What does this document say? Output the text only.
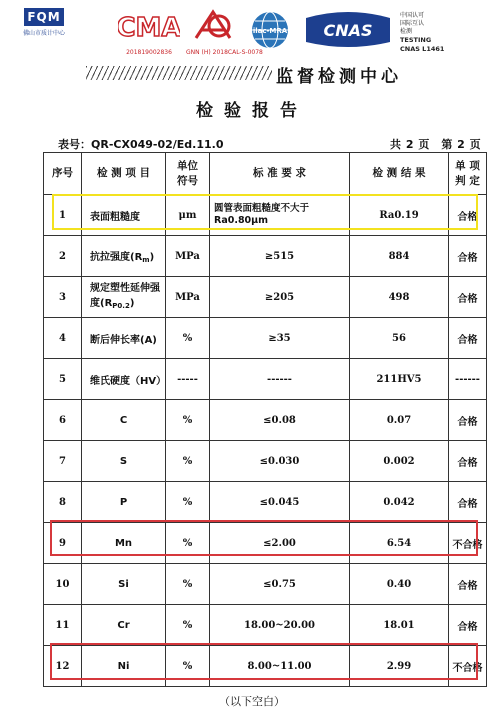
FQM
佛山市质计中心	CMA
201819002836	GNN (H) 2018CAL-S-0078
ilac-MRA CNAS
中国认可
国际互认
检测
TESTING
CNAS L1461
监督检测中心
检验报告
表号：QR-CX049-02/Ed.11.0	共 2 页　第 2 页
序号	检 测 项 目	单位
符号	标 准 要 求	检 测 结 果	单 项
判 定
1	表面粗糙度	μm	圆管表面粗糙度不大于
Ra0.80μm	Ra0.19	合格
2	抗拉强度$(R_m)$	MPa	≥515	884	合格
3	规定塑性延伸强
度$(R_{P0.2})$	MPa	≥205	498	合格
4	断后伸长率(A)	%	≥35	56	合格
5	维氏硬度（HV）	-----	------	211HV5	------
6	C	%	≤0.08	0.07	合格
7	S	%	≤0.030	0.002	合格
8	P	%	≤0.045	0.042	合格
9	Mn	%	≤2.00	6.54	不合格
10	Si	%	≤0.75	0.40	合格
11	Cr	%	18.00~20.00	18.01	合格
12	Ni	%	8.00~11.00	2.99	不合格
（以下空白）
